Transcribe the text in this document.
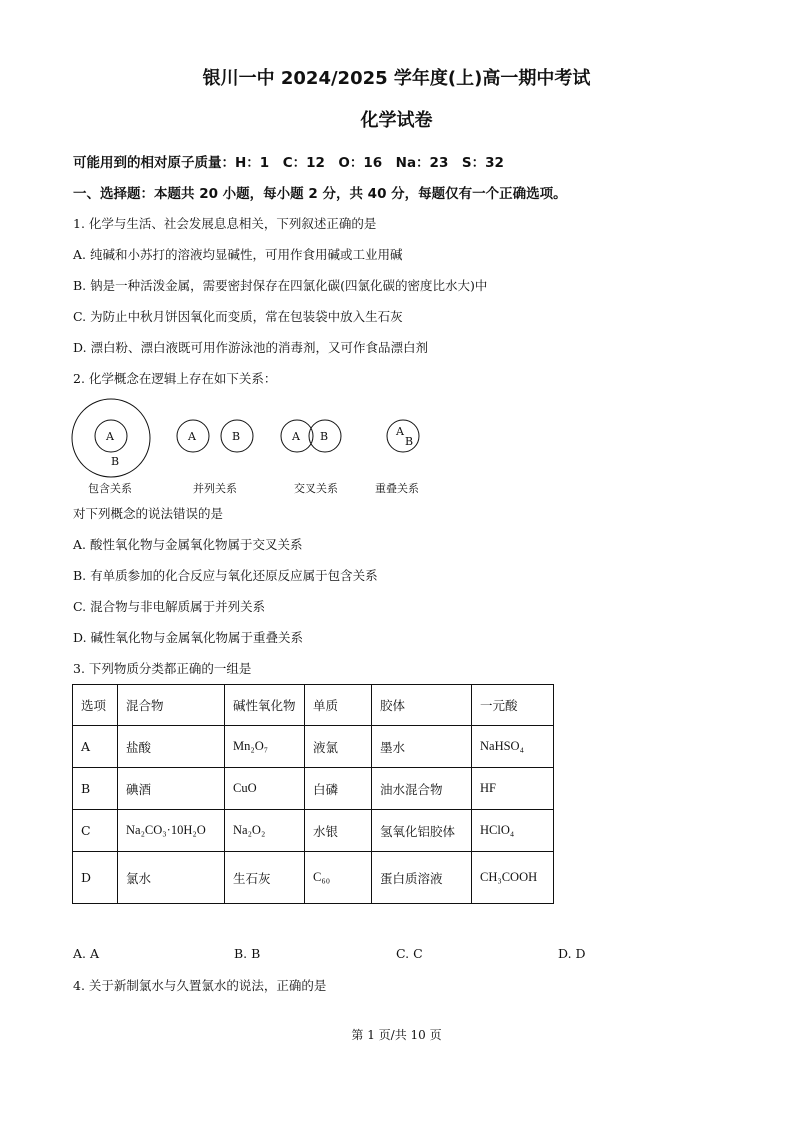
银川一中 2024/2025 学年度(上)高一期中考试
化学试卷
可能用到的相对原子质量：H：1　C：12　O：16　Na：23　S：32
一、选择题：本题共 20 小题，每小题 2 分，共 40 分，每题仅有一个正确选项。
1. 化学与生活、社会发展息息相关，下列叙述正确的是
A. 纯碱和小苏打的溶液均显碱性，可用作食用碱或工业用碱
B. 钠是一种活泼金属，需要密封保存在四氯化碳(四氯化碳的密度比水大)中
C. 为防止中秋月饼因氧化而变质，常在包装袋中放入生石灰
D. 漂白粉、漂白液既可用作游泳池的消毒剂，又可作食品漂白剂
2. 化学概念在逻辑上存在如下关系：
A
B
A	B	A B	A
B
包含关系	并列关系	交叉关系	重叠关系
对下列概念的说法错误的是
A. 酸性氧化物与金属氧化物属于交叉关系
B. 有单质参加的化合反应与氧化还原反应属于包含关系
C. 混合物与非电解质属于并列关系
D. 碱性氧化物与金属氧化物属于重叠关系
3. 下列物质分类都正确的一组是
选项	混合物	碱性氧化物	单质	胶体	一元酸
A	盐酸	Mn₂O₇	液氯	墨水	NaHSO₄
B	碘酒	CuO	白磷	油水混合物	HF
C	Na₂CO₃·10H₂O	Na₂O₂	水银	氢氧化铝胶体	HClO₄
D	氯水	生石灰	C₆₀	蛋白质溶液	CH₃COOH
A. A	B. B	C. C	D. D
4. 关于新制氯水与久置氯水的说法，正确的是
第 1 页/共 10 页
